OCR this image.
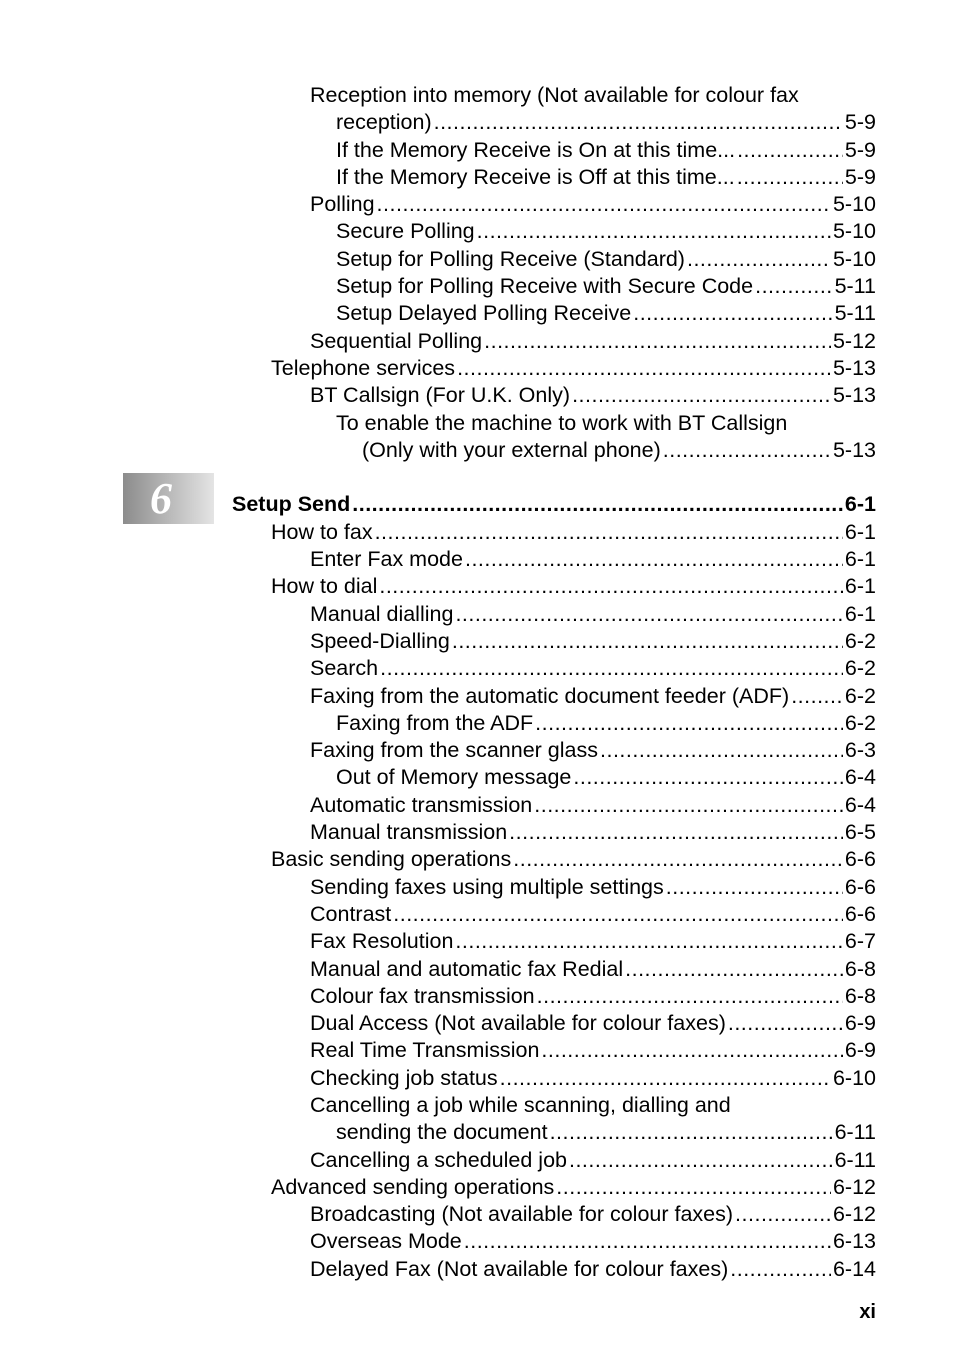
6
Reception into memory (Not available for colour fax
reception) .....	5-9
If the Memory Receive is On at this time... .....	5-9
If the Memory Receive is Off at this time... .....	5-9
Polling .....	5-10
Secure Polling .....	5-10
Setup for Polling Receive (Standard) .....	5-10
Setup for Polling Receive with Secure Code .....	5-11
Setup Delayed Polling Receive .....	5-11
Sequential Polling .....	5-12
Telephone services .....	5-13
BT Callsign (For U.K. Only) .....	5-13
To enable the machine to work with BT Callsign
(Only with your external phone) .....	5-13
Setup Send .....	6-1
How to fax .....	6-1
Enter Fax mode .....	6-1
How to dial .....	6-1
Manual dialling .....	6-1
Speed-Dialling .....	6-2
Search .....	6-2
Faxing from the automatic document feeder (ADF) .....	6-2
Faxing from the ADF .....	6-2
Faxing from the scanner glass .....	6-3
Out of Memory message .....	6-4
Automatic transmission .....	6-4
Manual transmission .....	6-5
Basic sending operations .....	6-6
Sending faxes using multiple settings .....	6-6
Contrast .....	6-6
Fax Resolution .....	6-7
Manual and automatic fax Redial .....	6-8
Colour fax transmission .....	6-8
Dual Access (Not available for colour faxes) .....	6-9
Real Time Transmission .....	6-9
Checking job status .....	6-10
Cancelling a job while scanning, dialling and
sending the document .....	6-11
Cancelling a scheduled job .....	6-11
Advanced sending operations .....	6-12
Broadcasting (Not available for colour faxes) .....	6-12
Overseas Mode .....	6-13
Delayed Fax (Not available for colour faxes) .....	6-14
xi
